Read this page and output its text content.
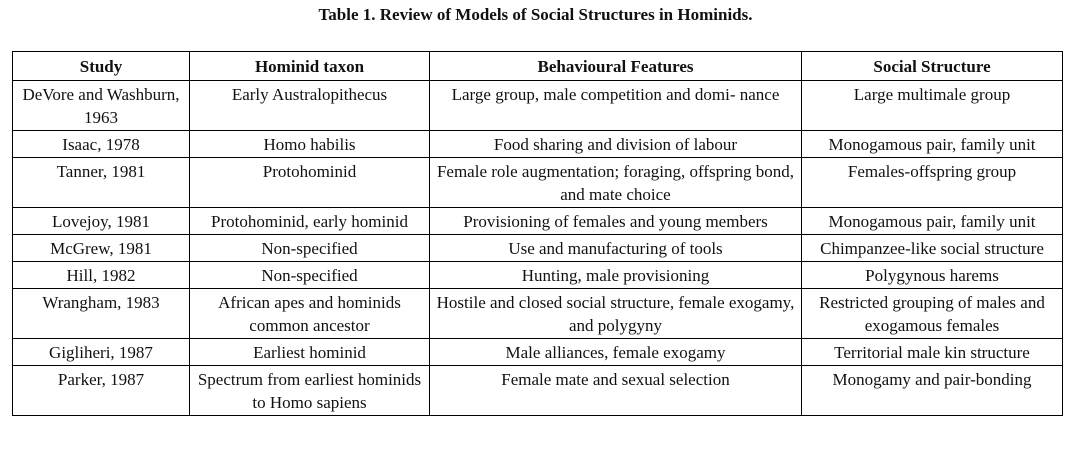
Table 1. Review of Models of Social Structures in Hominids.
Study	Hominid taxon	Behavioural Features	Social Structure
DeVore and Washburn, 1963	Early Australopithecus	Large group, male competition and domi- nance	Large multimale group
Isaac, 1978	Homo habilis	Food sharing and division of labour	Monogamous pair, family unit
Tanner, 1981	Protohominid	Female role augmentation; foraging, offspring bond, and mate choice	Females-offspring group
Lovejoy, 1981	Protohominid, early hominid	Provisioning of females and young members	Monogamous pair, family unit
McGrew, 1981	Non-specified	Use and manufacturing of tools	Chimpanzee-like social structure
Hill, 1982	Non-specified	Hunting, male provisioning	Polygynous harems
Wrangham, 1983	African apes and hominids common ancestor	Hostile and closed social structure, female exogamy, and polygyny	Restricted grouping of males and exogamous females
Gigliheri, 1987	Earliest hominid	Male alliances, female exogamy	Territorial male kin structure
Parker, 1987	Spectrum from earliest hominids to Homo sapiens	Female mate and sexual selection	Monogamy and pair-bonding
